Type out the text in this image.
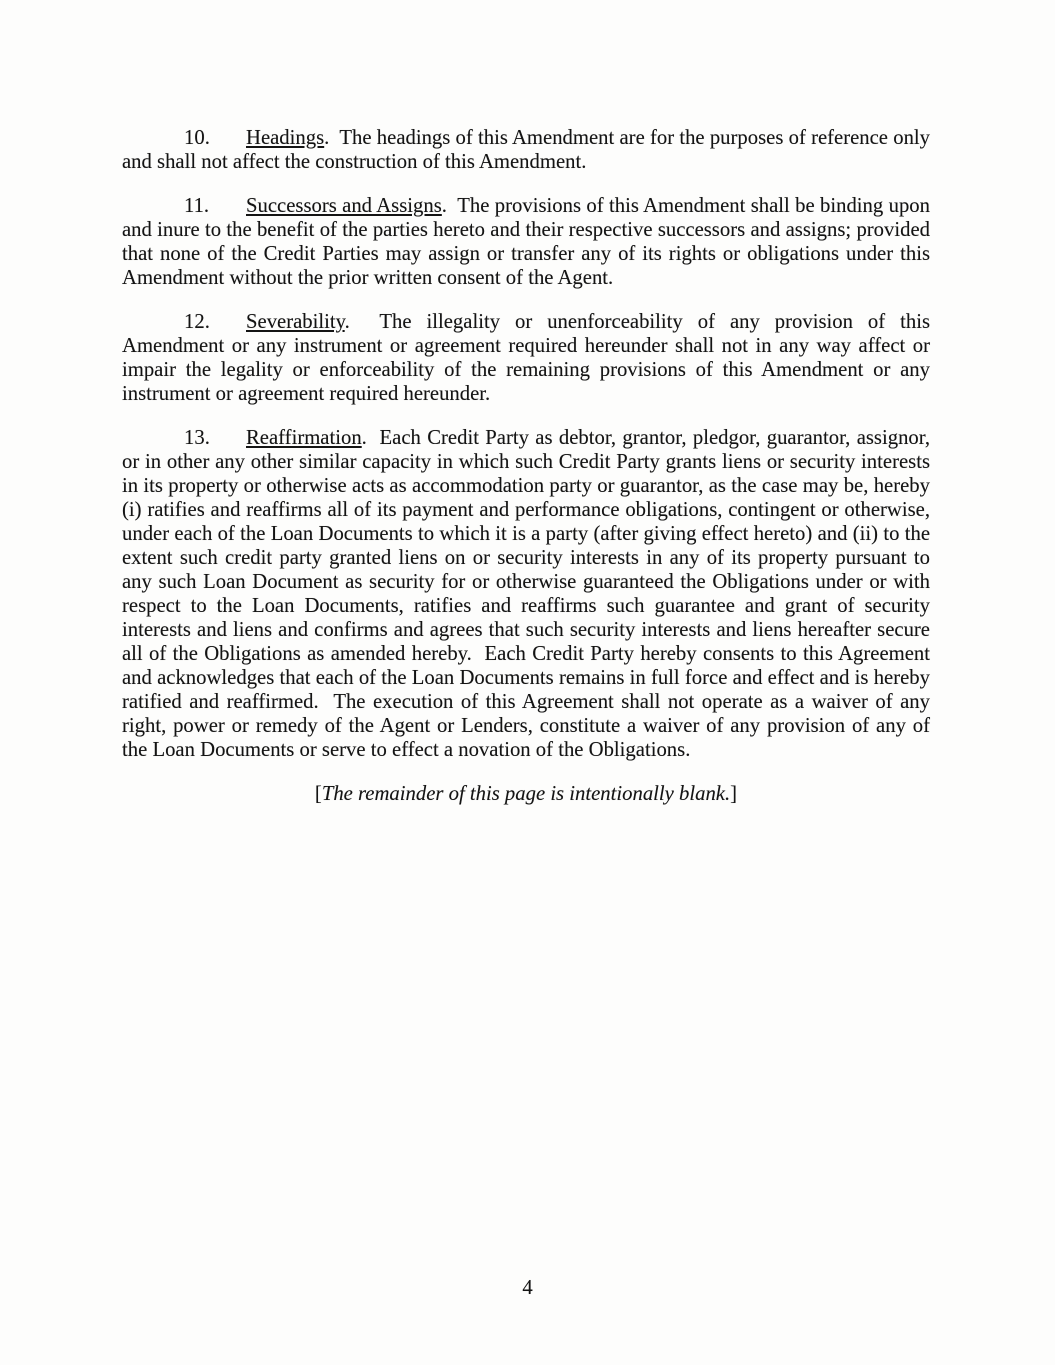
10. Headings.  The headings of this Amendment are for the purposes of reference only and shall not affect the construction of this Amendment.

11. Successors and Assigns.  The provisions of this Amendment shall be binding upon and inure to the benefit of the parties hereto and their respective successors and assigns; provided that none of the Credit Parties may assign or transfer any of its rights or obligations under this Amendment without the prior written consent of the Agent.

12. Severability.  The illegality or unenforceability of any provision of this Amendment or any instrument or agreement required hereunder shall not in any way affect or impair the legality or enforceability of the remaining provisions of this Amendment or any instrument or agreement required hereunder.

13. Reaffirmation.  Each Credit Party as debtor, grantor, pledgor, guarantor, assignor, or in other any other similar capacity in which such Credit Party grants liens or security interests in its property or otherwise acts as accommodation party or guarantor, as the case may be, hereby (i) ratifies and reaffirms all of its payment and performance obligations, contingent or otherwise, under each of the Loan Documents to which it is a party (after giving effect hereto) and (ii) to the extent such credit party granted liens on or security interests in any of its property pursuant to any such Loan Document as security for or otherwise guaranteed the Obligations under or with respect to the Loan Documents, ratifies and reaffirms such guarantee and grant of security interests and liens and confirms and agrees that such security interests and liens hereafter secure all of the Obligations as amended hereby.  Each Credit Party hereby consents to this Agreement and acknowledges that each of the Loan Documents remains in full force and effect and is hereby ratified and reaffirmed.  The execution of this Agreement shall not operate as a waiver of any right, power or remedy of the Agent or Lenders, constitute a waiver of any provision of any of the Loan Documents or serve to effect a novation of the Obligations.

[The remainder of this page is intentionally blank.]

4
